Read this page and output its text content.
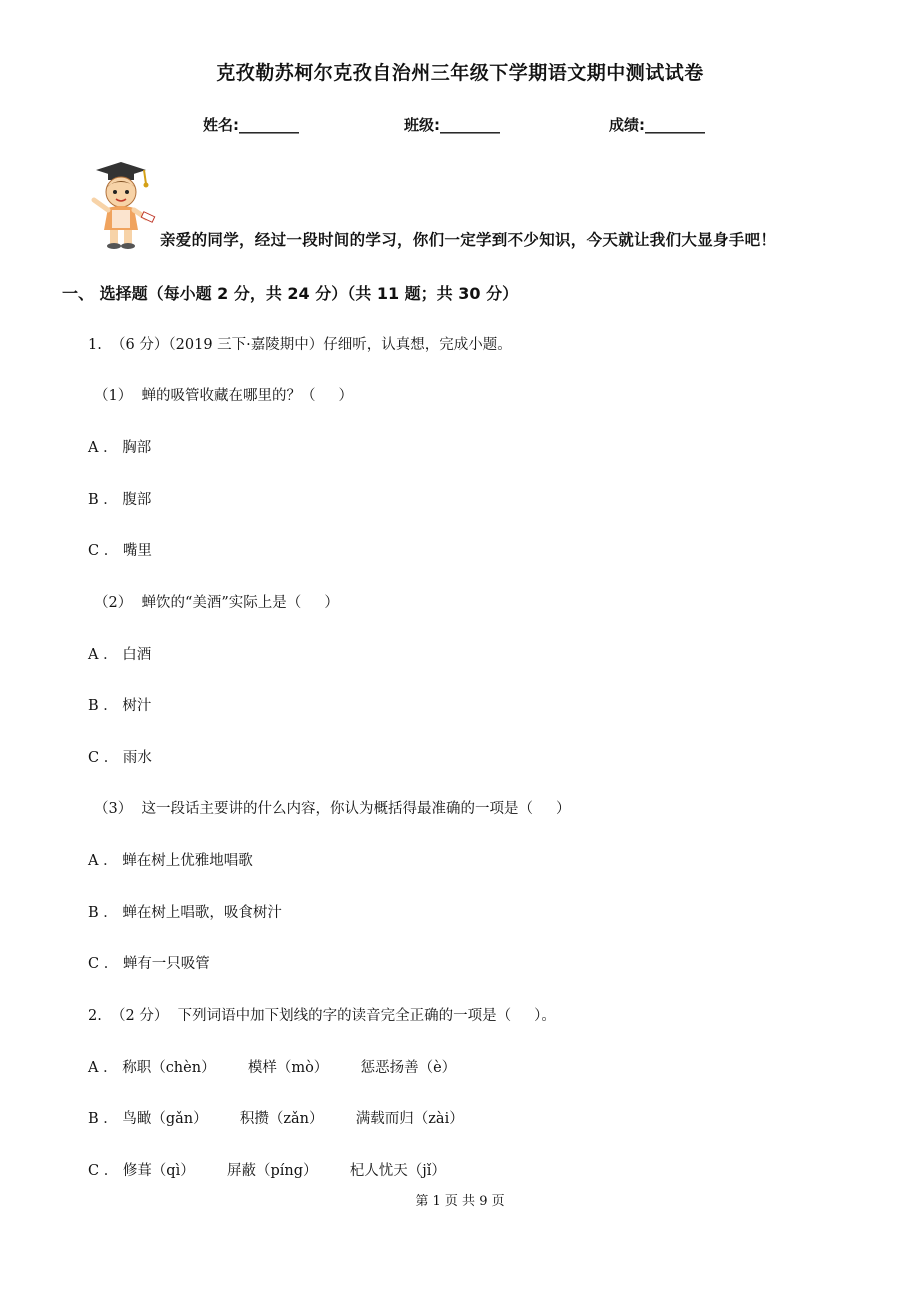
克孜勒苏柯尔克孜自治州三年级下学期语文期中测试试卷
姓名:________	班级:________	成绩:________
亲爱的同学，经过一段时间的学习，你们一定学到不少知识，今天就让我们大显身手吧！
一、 选择题（每小题 2 分，共 24 分）（共 11 题；共 30 分）
1.  （6 分）（2019 三下·嘉陵期中）仔细听，认真想，完成小题。
（1）  蝉的吸管收藏在哪里的？（     ）
A ． 胸部
B ． 腹部
C ． 嘴里
（2）  蝉饮的“美酒”实际上是（     ）
A ． 白酒
B ． 树汁
C ． 雨水
（3）  这一段话主要讲的什么内容，你认为概括得最准确的一项是（     ）
A ． 蝉在树上优雅地唱歌
B ． 蝉在树上唱歌，吸食树汁
C ． 蝉有一只吸管
2.  （2 分）  下列词语中加下划线的字的读音完全正确的一项是（     ）。
A ． 称职（chèn）       模样（mò）       惩恶扬善（è）
B ． 鸟瞰（gǎn）       积攒（zǎn）       满载而归（zài）
C ． 修葺（qì）       屏蔽（píng）       杞人忧天（jǐ）
第 1 页 共 9 页
